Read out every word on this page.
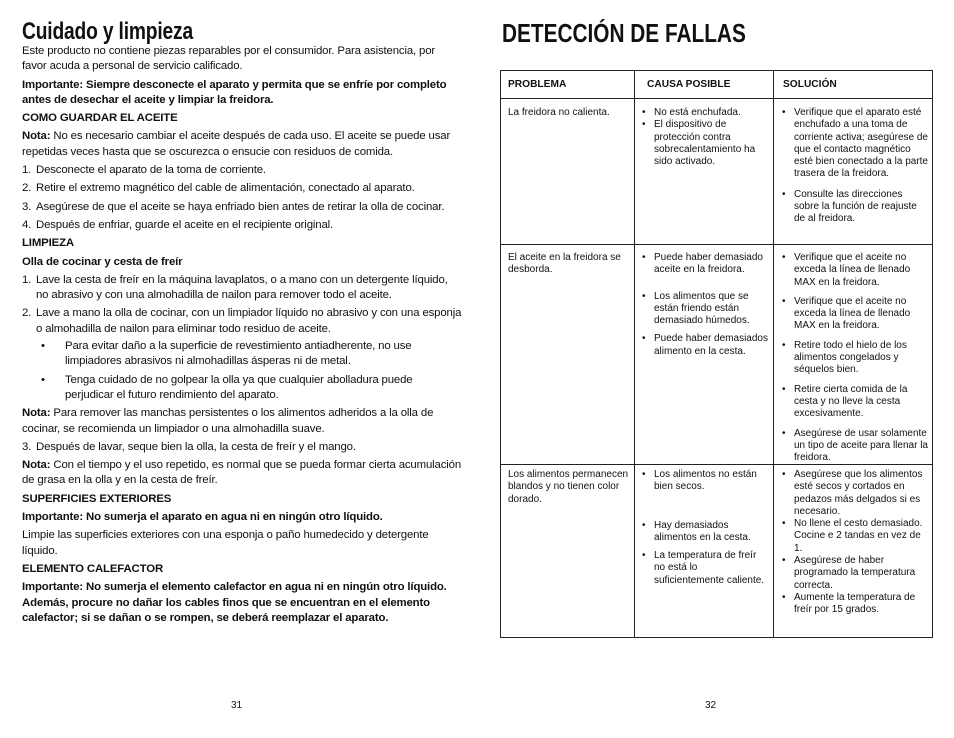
Cuidado y limpieza

Este producto no contiene piezas reparables por el consumidor. Para asistencia, por favor acuda a personal de servicio calificado.

Importante: Siempre desconecte el aparato y permita que se enfríe por completo antes de desechar el aceite y limpiar la freidora.

COMO GUARDAR EL ACEITE

Nota: No es necesario cambiar el aceite después de cada uso. El aceite se puede usar repetidas veces hasta que se oscurezca o ensucie con residuos de comida.

1. Desconecte el aparato de la toma de corriente.
2. Retire el extremo magnético del cable de alimentación, conectado al aparato.
3. Asegúrese de que el aceite se haya enfriado bien antes de retirar la olla de cocinar.
4. Después de enfriar, guarde el aceite en el recipiente original.
LIMPIEZA
Olla de cocinar y cesta de freír
1. Lave la cesta de freír en la máquina lavaplatos, o a mano con un detergente líquido, no abrasivo y con una almohadilla de nailon para remover todo el aceite.
2. Lave a mano la olla de cocinar, con un limpiador líquido no abrasivo y con una esponja o almohadilla de nailon para eliminar todo residuo de aceite.
• Para evitar daño a la superficie de revestimiento antiadherente, no use limpiadores abrasivos ni almohadillas ásperas ni de metal.
• Tenga cuidado de no golpear la olla ya que cualquier abolladura puede perjudicar el futuro rendimiento del aparato.

Nota: Para remover las manchas persistentes o los alimentos adheridos a la olla de cocinar, se recomienda un limpiador o una almohadilla suave.

3. Después de lavar, seque bien la olla, la cesta de freír y el mango.

Nota: Con el tiempo y el uso repetido, es normal que se pueda formar cierta acumulación de grasa en la olla y en la cesta de freír.

SUPERFICIES EXTERIORES

Importante: No sumerja el aparato en agua ni en ningún otro líquido.

Limpie las superficies exteriores con una esponja o paño humedecido y detergente líquido.

ELEMENTO CALEFACTOR

Importante: No sumerja el elemento calefactor en agua ni en ningún otro líquido. Además, procure no dañar los cables finos que se encuentran en el elemento calefactor; si se dañan o se rompen, se deberá reemplazar el aparato.

31
DETECCIÓN DE FALLAS
PROBLEMA	CAUSA POSIBLE	SOLUCIÓN
La freidora no calienta.
•	No está enchufada.
• El dispositivo de protección contra sobrecalentamiento ha sido activado.
• Verifique que el aparato esté enchufado a una toma de corriente activa; asegúrese de que el contacto magnético esté bien conectado a la parte trasera de la freidora.
• Consulte las direcciones sobre la función de reajuste de al freidora.
El aceite en la freidora se desborda.
• Puede haber demasiado aceite en la freidora.
• Los alimentos que se están friendo están demasiado húmedos.
• Puede haber demasiados alimento en la cesta.
• Verifique que el aceite no exceda la línea de llenado MAX en la freidora.
• Verifique que el aceite no exceda la línea de llenado MAX en la freidora.
• Retire todo el hielo de los alimentos congelados y séquelos bien.
• Retire cierta comida de la cesta y no lleve la cesta excesivamente.
• Asegúrese de usar solamente un tipo de aceite para llenar la freidora.
Los alimentos permanecen blandos y no tienen color dorado.
• Los alimentos no están bien secos.
• Hay demasiados alimentos en la cesta.
• La temperatura de freír no está lo suficientemente caliente.
• Asegúrese que los alimentos esté secos y cortados en pedazos más delgados si es necesario.
• No llene el cesto demasiado. Cocine e 2 tandas en vez de 1.
• Asegúrese de haber programado la temperatura correcta.
• Aumente la temperatura de freír por 15 grados.
32
